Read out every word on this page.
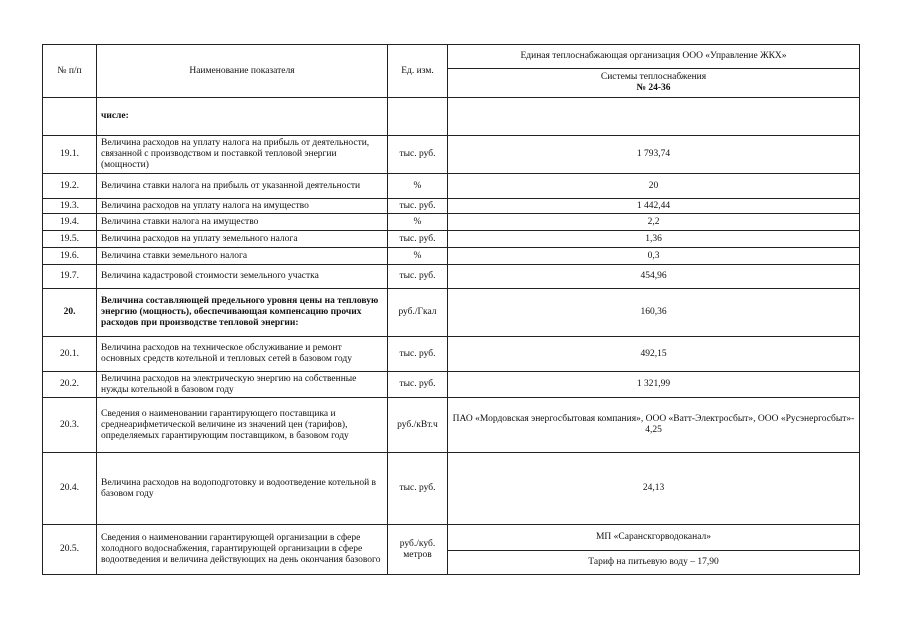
№ п/п	Наименование показателя	Ед. изм.	Единая теплоснабжающая организация ООО «Управление ЖКХ»

			Системы теплоснабжения
№ 24-36

	числе:		
19.1.	Величина расходов на уплату налога на прибыль от деятельности, связанной с производством и поставкой тепловой энергии (мощности)	тыс. руб.	1 793,74
19.2.	Величина ставки налога на прибыль от указанной деятельности	%	20
19.3.	Величина расходов на уплату налога на имущество	тыс. руб.	1 442,44
19.4.	Величина ставки налога на имущество	%	2,2
19.5.	Величина расходов на уплату земельного налога	тыс. руб.	1,36
19.6.	Величина ставки земельного налога	%	0,3
19.7.	Величина кадастровой стоимости земельного участка	тыс. руб.	454,96
20.	Величина составляющей предельного уровня цены на тепловую энергию (мощность), обеспечивающая компенсацию прочих расходов при производстве тепловой энергии:	руб./Гкал	160,36
20.1.	Величина расходов на техническое обслуживание и ремонт основных средств котельной и тепловых сетей в базовом году	тыс. руб.	492,15
20.2.	Величина расходов на электрическую энергию на собственные нужды котельной в базовом году	тыс. руб.	1 321,99
20.3.	Сведения о наименовании гарантирующего поставщика и среднеарифметической величине из значений цен (тарифов), определяемых гарантирующим поставщиком, в базовом году	руб./кВт.ч	ПАО «Мордовская энергосбытовая компания», ООО «Ватт-Электросбыт», ООО «Русэнергосбыт»- 4,25
20.4.	Величина расходов на водоподготовку и водоотведение котельной в базовом году	тыс. руб.	24,13
20.5.	Сведения о наименовании гарантирующей организации в сфере холодного водоснабжения, гарантирующей организации в сфере водоотведения и величина действующих на день окончания базового	руб./куб. метров	МП «Саранскгорводоканал»
			Тариф на питьевую воду – 17,90
